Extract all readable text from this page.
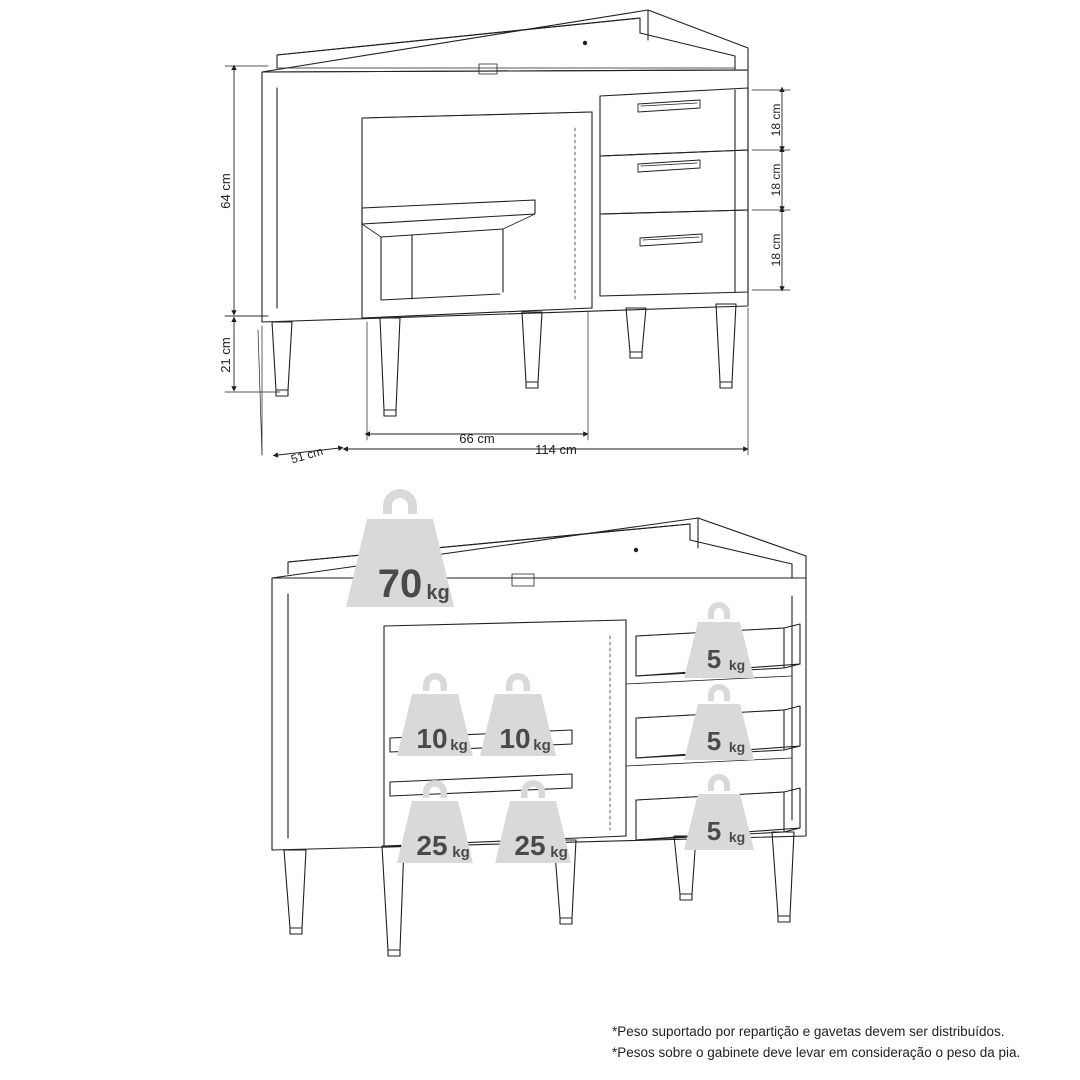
64 cm
21 cm
18 cm
18 cm
18 cm
66 cm
114 cm
51 cm
70 kg
10 kg 10 kg
25 kg 25 kg
5 kg
5 kg
5 kg
*Peso suportado por repartição e gavetas devem ser distribuídos.
*Pesos sobre o gabinete deve levar em consideração o peso da pia.
